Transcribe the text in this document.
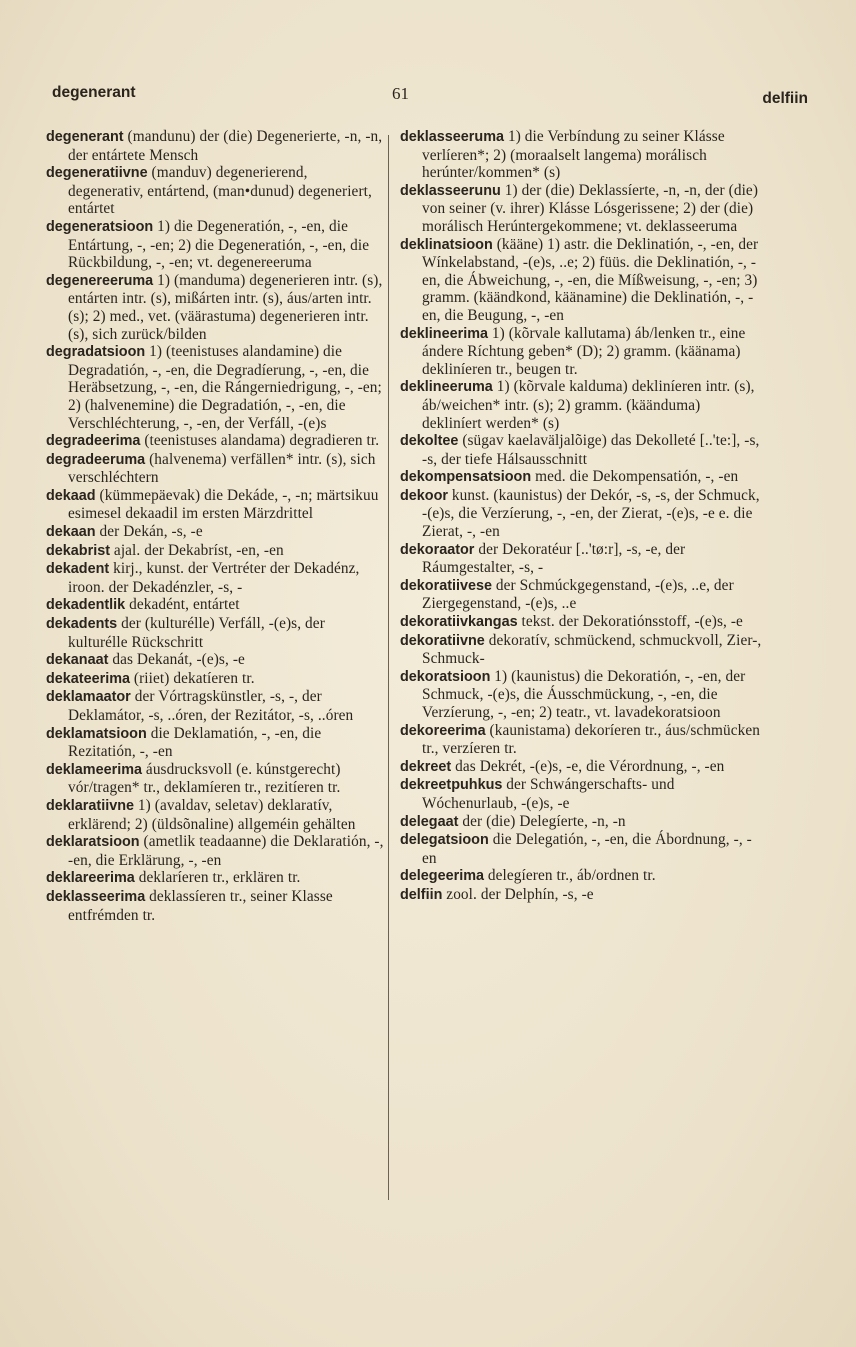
degenerant	61	delfiin
degenerant (mandunu) der (die) Degenerierte, -n, -n, der entártete Mensch
degeneratiivne (manduv) degenerierend, degenerativ, entártend, (man•dunud) degeneriert, entártet
degeneratsioon 1) die Degeneratión, -, -en, die Entártung, -, -en; 2) die Degeneratión, -, -en, die Rückbildung, -, -en; vt. degenereeruma
degenereeruma 1) (manduma) degenerieren intr. (s), entárten intr. (s), mißárten intr. (s), áus/arten intr. (s); 2) med., vet. (väärastuma) degenerieren intr. (s), sich zurück/bilden
degradatsioon 1) (teenistuses alandamine) die Degradatión, -, -en, die Degradíerung, -, -en, die Heräbsetzung, -, -en, die Rángerniedrigung, -, -en; 2) (halvenemine) die Degradatión, -, -en, die Verschléchterung, -, -en, der Verfáll, -(e)s
degradeerima (teenistuses alandama) degradieren tr.
degradeeruma (halvenema) verfällen* intr. (s), sich verschléchtern
dekaad (kümmepäevak) die Dekáde, -, -n; märtsikuu esimesel dekaadil im ersten Märzdrittel
dekaan der Dekán, -s, -e
dekabrist ajal. der Dekabríst, -en, -en
dekadent kirj., kunst. der Vertréter der Dekadénz, iroon. der Dekadénzler, -s, -
dekadentlik dekadént, entártet
dekadents der (kulturélle) Verfáll, -(e)s, der kulturélle Rückschritt
dekanaat das Dekanát, -(e)s, -e
dekateerima (riiet) dekatíeren tr.
deklamaator der Vórtragskünstler, -s, -, der Deklamátor, -s, ..óren, der Rezitátor, -s, ..óren
deklamatsioon die Deklamatión, -, -en, die Rezitatión, -, -en
deklameerima áusdrucksvoll (e. kúnstgerecht) vór/tragen* tr., deklamíeren tr., rezitíeren tr.
deklaratiivne 1) (avaldav, seletav) deklaratív, erklärend; 2) (üldsõnaline) allgeméin gehälten
deklaratsioon (ametlik teadaanne) die Deklaratión, -, -en, die Erklärung, -, -en
deklareerima deklaríeren tr., erklären tr.
deklasseerima deklassíeren tr., seiner Klasse entfrémden tr.
deklasseeruma 1) die Verbíndung zu seiner Klásse verlíeren*; 2) (moraalselt langema) morálisch herúnter/kommen* (s)
deklasseerunu 1) der (die) Deklassíerte, -n, -n, der (die) von seiner (v. ihrer) Klásse Lósgerissene; 2) der (die) morálisch Herúntergekommene; vt. deklasseeruma
deklinatsioon (kääne) 1) astr. die Deklinatión, -, -en, der Wínkelabstand, -(e)s, ..e; 2) füüs. die Deklinatión, -, -en, die Ábweichung, -, -en, die Míßweisung, -, -en; 3) gramm. (käändkond, käänamine) die Deklinatión, -, -en, die Beugung, -, -en
deklineerima 1) (kõrvale kallutama) áb/lenken tr., eine ándere Ríchtung geben* (D); 2) gramm. (käänama) dekliníeren tr., beugen tr.
deklineeruma 1) (kõrvale kalduma) dekliníeren intr. (s), áb/weichen* intr. (s); 2) gramm. (käänduma) dekliníert werden* (s)
dekoltee (sügav kaelaväljalõige) das Dekolleté [..'te:], -s, -s, der tiefe Hálsausschnitt
dekompensatsioon med. die Dekompensatión, -, -en
dekoor kunst. (kaunistus) der Dekór, -s, -s, der Schmuck, -(e)s, die Verzíerung, -, -en, der Zierat, -(e)s, -e e. die Zierat, -, -en
dekoraator der Dekoratéur [..'tø:r], -s, -e, der Ráumgestalter, -s, -
dekoratiivese der Schmúckgegenstand, -(e)s, ..e, der Ziergegenstand, -(e)s, ..e
dekoratiivkangas tekst. der Dekoratiónsstoff, -(e)s, -e
dekoratiivne dekoratív, schmückend, schmuckvoll, Zier-, Schmuck-
dekoratsioon 1) (kaunistus) die Dekoratión, -, -en, der Schmuck, -(e)s, die Áusschmückung, -, -en, die Verzíerung, -, -en; 2) teatr., vt. lavadekoratsioon
dekoreerima (kaunistama) dekoríeren tr., áus/schmücken tr., verzíeren tr.
dekreet das Dekrét, -(e)s, -e, die Vérordnung, -, -en
dekreetpuhkus der Schwángerschafts- und Wóchenurlaub, -(e)s, -e
delegaat der (die) Delegíerte, -n, -n
delegatsioon die Delegatión, -, -en, die Ábordnung, -, -en
delegeerima delegíeren tr., áb/ordnen tr.
delfiin zool. der Delphín, -s, -e
